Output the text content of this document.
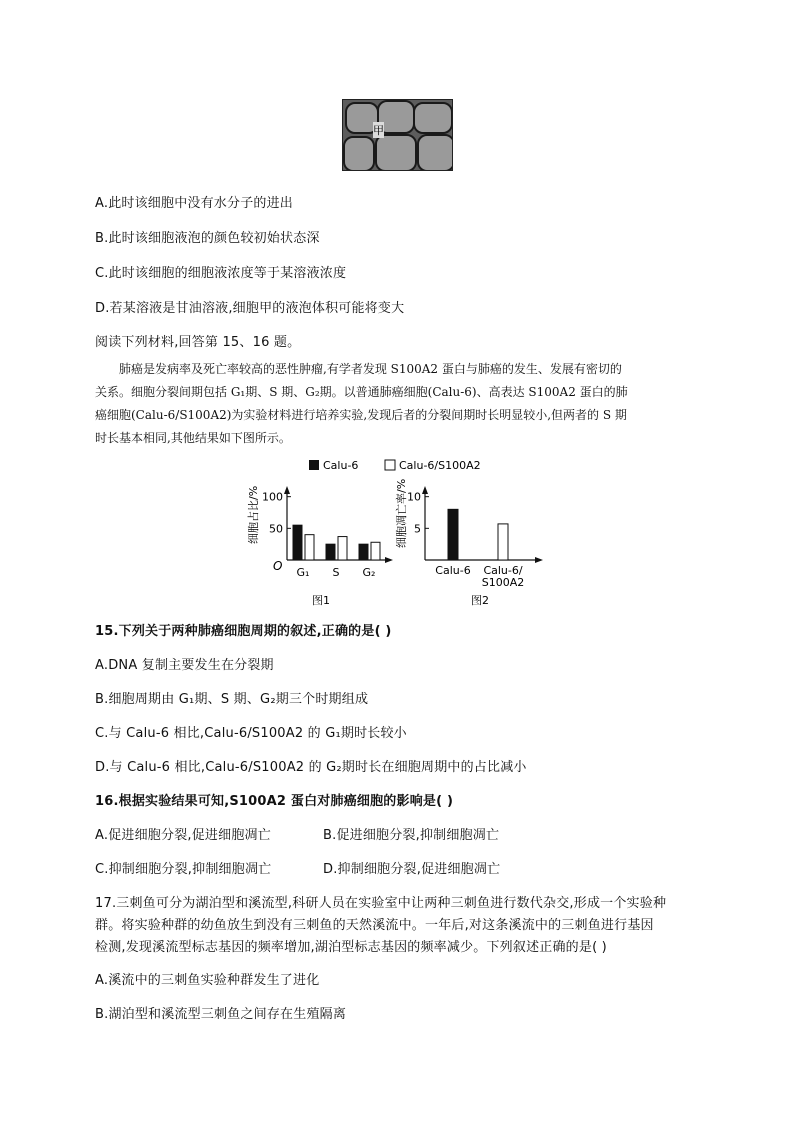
甲
A.此时该细胞中没有水分子的进出
B.此时该细胞液泡的颜色较初始状态深
C.此时该细胞的细胞液浓度等于某溶液浓度
D.若某溶液是甘油溶液,细胞甲的液泡体积可能将变大
阅读下列材料,回答第 15、16 题。

肺癌是发病率及死亡率较高的恶性肿瘤,有学者发现 S100A2 蛋白与肺癌的发生、发展有密切的

关系。细胞分裂间期包括 G₁期、S 期、G₂期。以普通肺癌细胞(Calu-6)、高表达 S100A2 蛋白的肺

癌细胞(Calu-6/S100A2)为实验材料进行培养实验,发现后者的分裂间期时长明显较小,但两者的 S 期

时长基本相同,其他结果如下图所示。

Calu-6	Calu-6/S100A2
O
细胞占比/%
图1
50
100
G₁ S G₂
细胞凋亡率/%
图2
5
10
Calu-6 Calu-6/
S100A2
15.下列关于两种肺癌细胞周期的叙述,正确的是( )
A.DNA 复制主要发生在分裂期
B.细胞周期由 G₁期、S 期、G₂期三个时期组成
C.与 Calu-6 相比,Calu-6/S100A2 的 G₁期时长较小
D.与 Calu-6 相比,Calu-6/S100A2 的 G₂期时长在细胞周期中的占比减小
16.根据实验结果可知,S100A2 蛋白对肺癌细胞的影响是( )
A.促进细胞分裂,促进细胞凋亡	B.促进细胞分裂,抑制细胞凋亡
C.抑制细胞分裂,抑制细胞凋亡	D.抑制细胞分裂,促进细胞凋亡
17.三刺鱼可分为湖泊型和溪流型,科研人员在实验室中让两种三刺鱼进行数代杂交,形成一个实验种
群。将实验种群的幼鱼放生到没有三刺鱼的天然溪流中。一年后,对这条溪流中的三刺鱼进行基因
检测,发现溪流型标志基因的频率增加,湖泊型标志基因的频率减少。下列叙述正确的是( )
A.溪流中的三刺鱼实验种群发生了进化
B.湖泊型和溪流型三刺鱼之间存在生殖隔离
